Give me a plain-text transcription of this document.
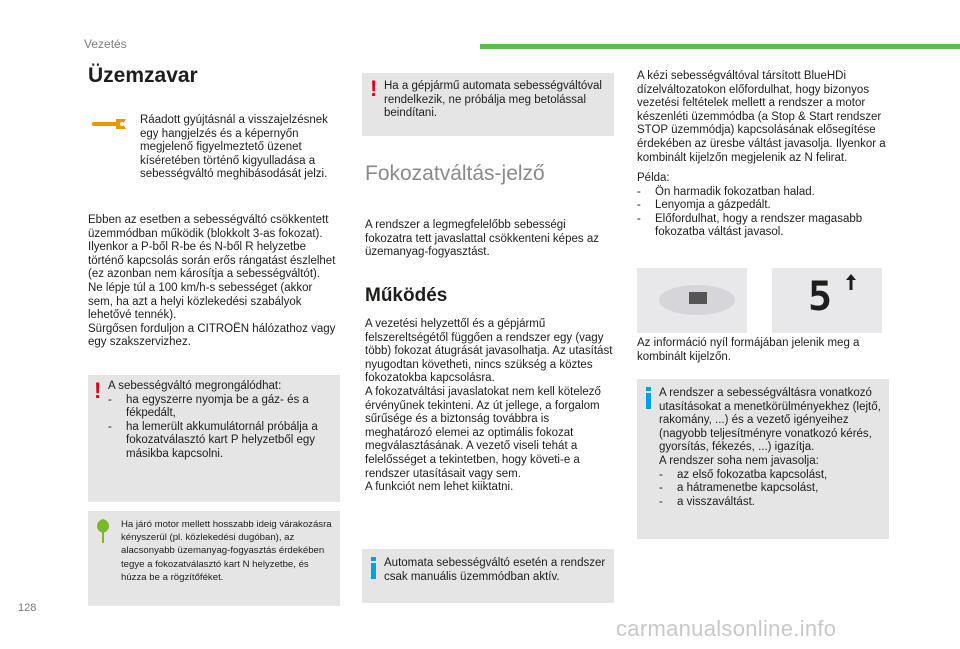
Vezetés
Üzemzavar
Ráadott gyújtásnál a visszajelzésnek egy hangjelzés és a képernyőn megjelenő figyelmeztető üzenet kíséretében történő kigyulladása a sebességváltó meghibásodását jelzi.
Ebben az esetben a sebességváltó csökkentett üzemmódban működik (blokkolt 3-as fokozat).
Ilyenkor a P-ből R-be és N-ből R helyzetbe történő kapcsolás során erős rángatást észlelhet (ez azonban nem károsítja a sebességváltót).
Ne lépje túl a 100 km/h-s sebességet (akkor sem, ha azt a helyi közlekedési szabályok lehetővé tennék).
Sürgősen forduljon a CITROËN hálózathoz vagy egy szakszervizhez.
! A sebességváltó megrongálódhat:
- ha egyszerre nyomja be a gáz- és a fékpedált,
- ha lemerült akkumulátornál próbálja a fokozatválasztó kart P helyzetből egy másikba kapcsolni.
Ha járó motor mellett hosszabb ideig várakozásra kényszerül (pl. közlekedési dugóban), az alacsonyabb üzemanyag-fogyasztás érdekében tegye a fokozatválasztó kart N helyzetbe, és húzza be a rögzítőféket.
! Ha a gépjármű automata sebességváltóval rendelkezik, ne próbálja meg betolással beindítani.
Fokozatváltás-jelző
A rendszer a legmegfelelőbb sebességi fokozatra tett javaslattal csökkenteni képes az üzemanyag-fogyasztást.
Működés
A vezetési helyzettől és a gépjármű felszereltségétől függően a rendszer egy (vagy több) fokozat átugrását javasolhatja. Az utasítást nyugodtan követheti, nincs szükség a köztes fokozatokba kapcsolásra.
A fokozatváltási javaslatokat nem kell kötelező érvényűnek tekinteni. Az út jellege, a forgalom sűrűsége és a biztonság továbbra is meghatározó elemei az optimális fokozat megválasztásának. A vezető viseli tehát a felelősséget a tekintetben, hogy követi-e a rendszer utasításait vagy sem.
A funkciót nem lehet kiiktatni.
Automata sebességváltó esetén a rendszer csak manuális üzemmódban aktív.
A kézi sebességváltóval társított BlueHDi dízelváltozatokon előfordulhat, hogy bizonyos vezetési feltételek mellett a rendszer a motor készenléti üzemmódba (a Stop & Start rendszer STOP üzemmódja) kapcsolásának elősegítése érdekében az üresbe váltást javasolja. Ilyenkor a kombinált kijelzőn megjelenik az N felirat.
Példa:
- Ön harmadik fokozatban halad.
- Lenyomja a gázpedált.
- Előfordulhat, hogy a rendszer magasabb fokozatba váltást javasol.
5
Az információ nyíl formájában jelenik meg a kombinált kijelzőn.
A rendszer a sebességváltásra vonatkozó utasításokat a menetkörülményekhez (lejtő, rakomány, ...) és a vezető igényeihez (nagyobb teljesítményre vonatkozó kérés, gyorsítás, fékezés, ...) igazítja.
A rendszer soha nem javasolja:
- az első fokozatba kapcsolást,
- a hátramenetbe kapcsolást,
- a visszaváltást.
128
carmanualsonline.info
